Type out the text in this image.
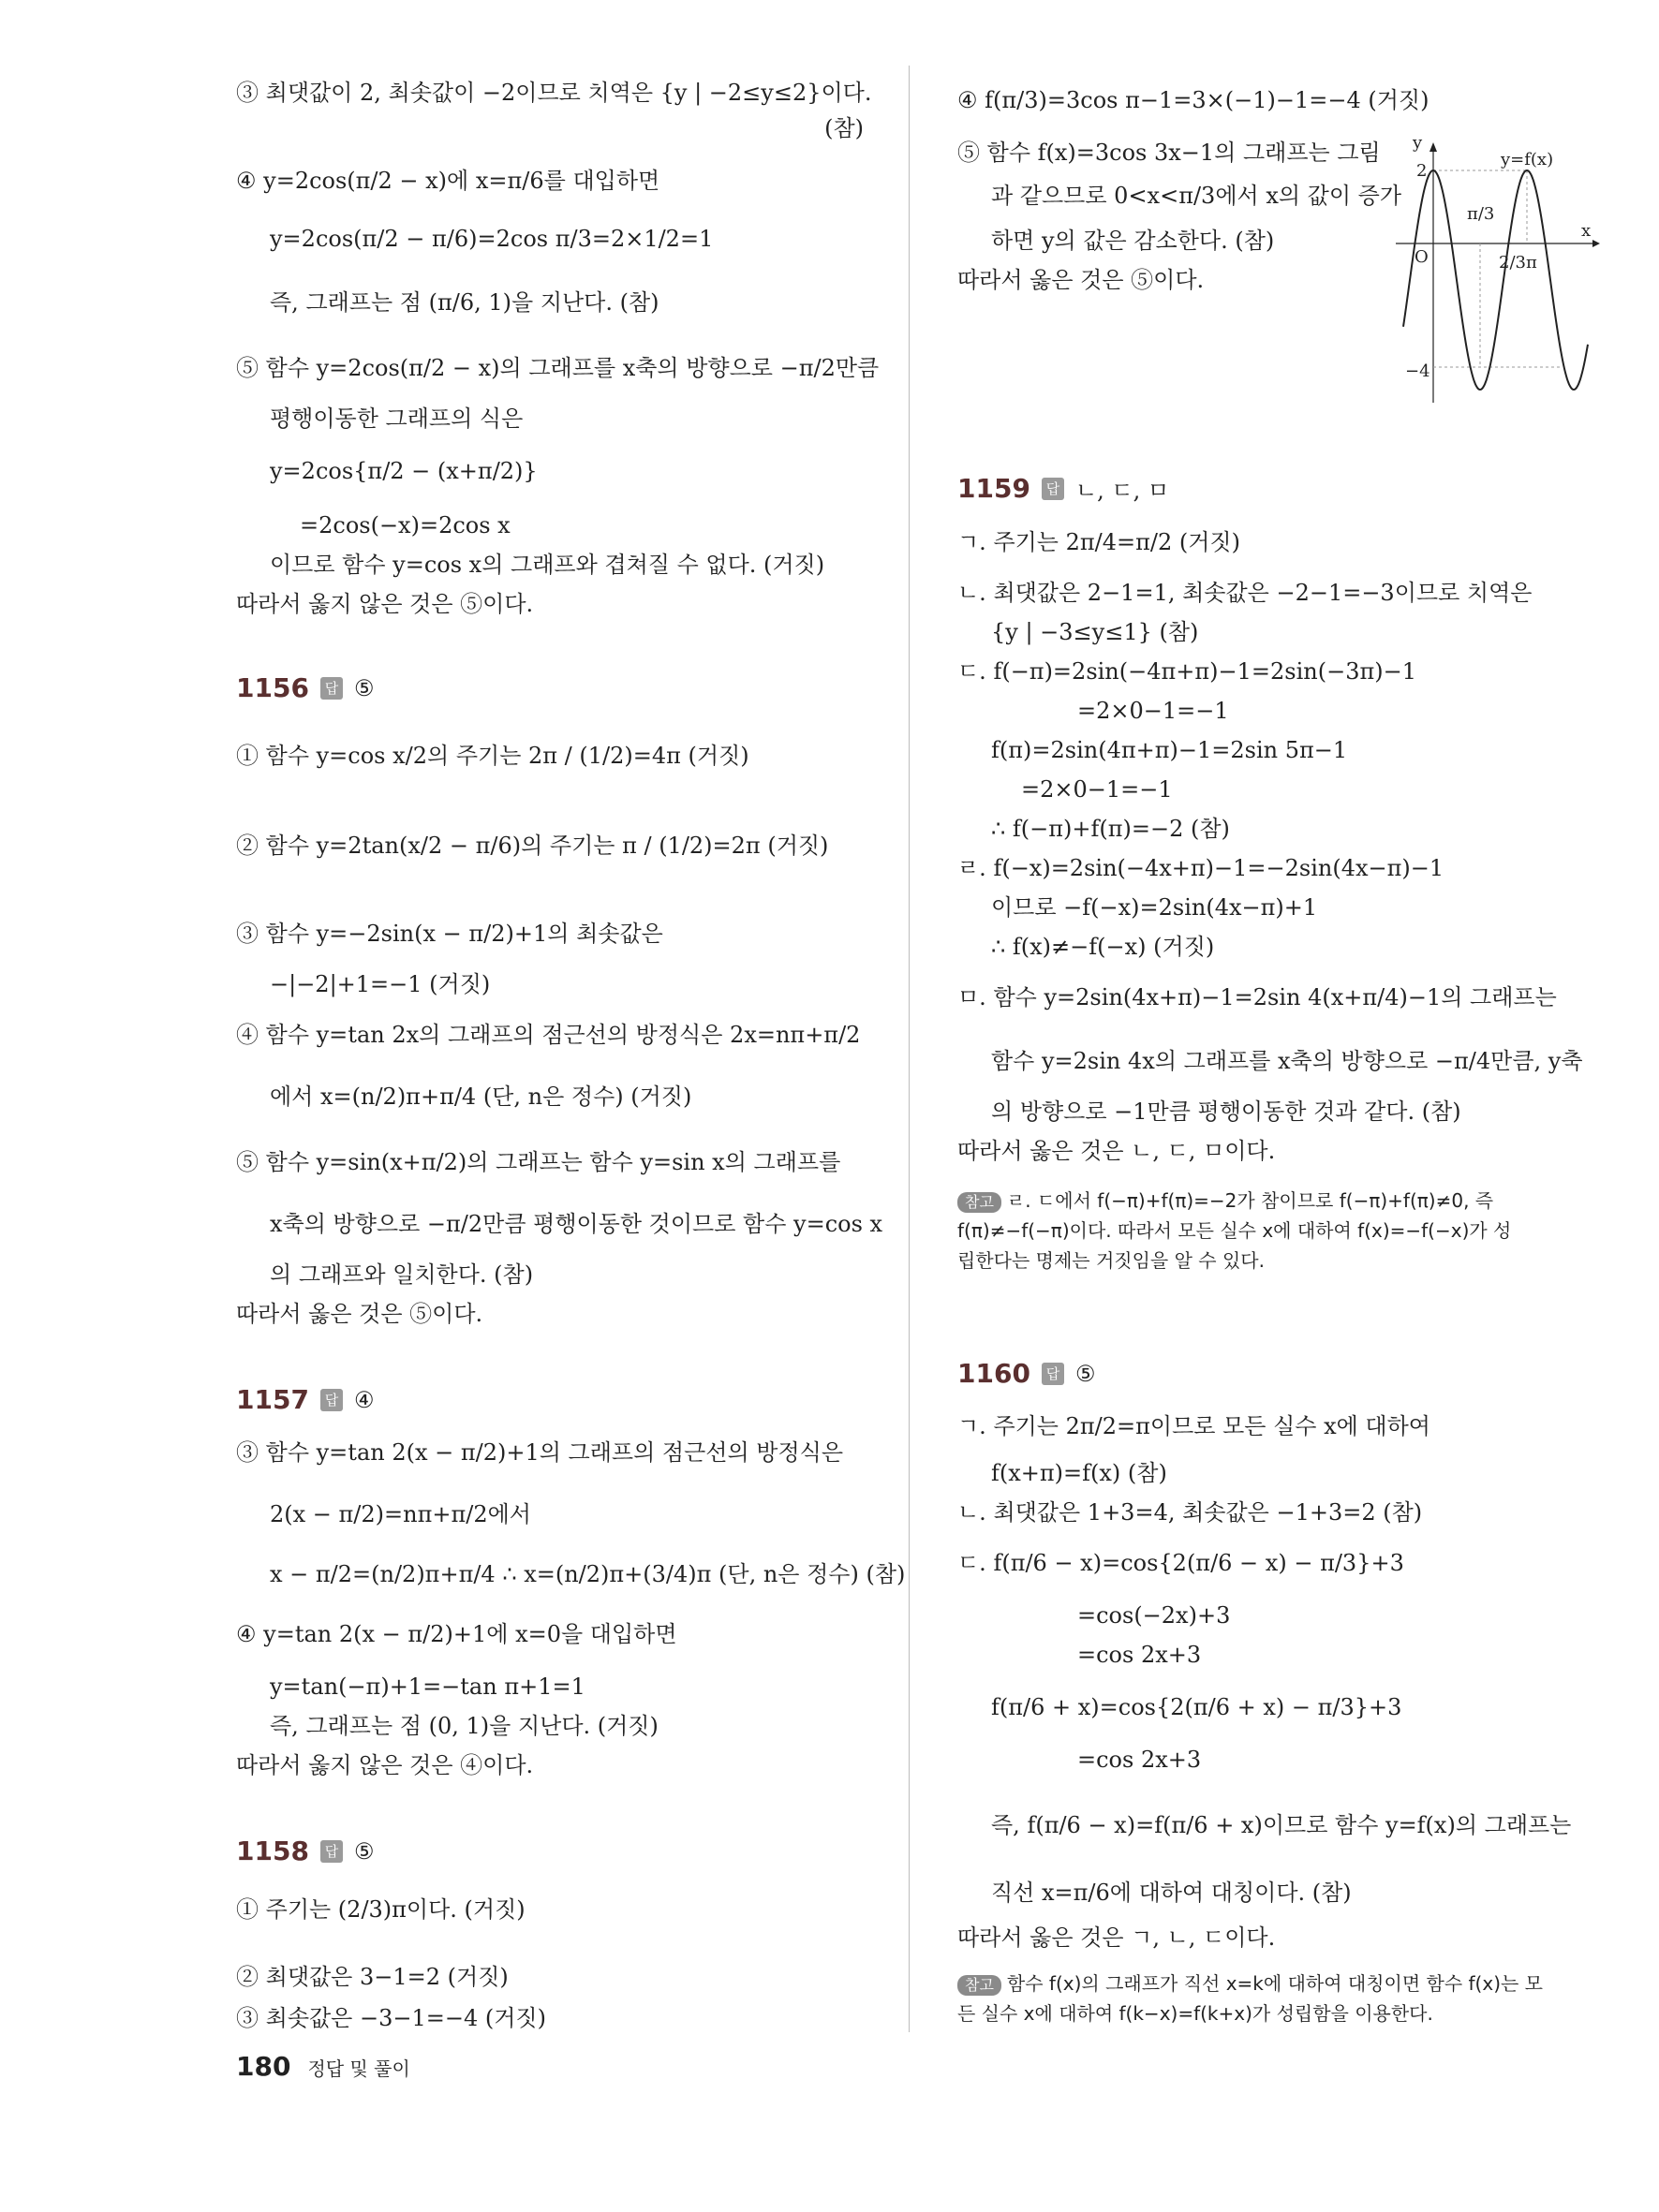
③ 최댓값이 2, 최솟값이 −2이므로 치역은 {y | −2≤y≤2}이다.
(참)
④ y=2cos(π/2 − x)에 x=π/6를 대입하면
y=2cos(π/2 − π/6)=2cos π/3=2×1/2=1
즉, 그래프는 점 (π/6, 1)을 지난다. (참)
⑤ 함수 y=2cos(π/2 − x)의 그래프를 x축의 방향으로 −π/2만큼
평행이동한 그래프의 식은
y=2cos{π/2 − (x+π/2)}
=2cos(−x)=2cos x
이므로 함수 y=cos x의 그래프와 겹쳐질 수 없다. (거짓)
따라서 옳지 않은 것은 ⑤이다.
1156	답 ⑤
① 함수 y=cos x/2의 주기는 2π / (1/2)=4π (거짓)
② 함수 y=2tan(x/2 − π/6)의 주기는 π / (1/2)=2π (거짓)
③ 함수 y=−2sin(x − π/2)+1의 최솟값은
−|−2|+1=−1 (거짓)
④ 함수 y=tan 2x의 그래프의 점근선의 방정식은 2x=nπ+π/2
에서 x=(n/2)π+π/4 (단, n은 정수) (거짓)
⑤ 함수 y=sin(x+π/2)의 그래프는 함수 y=sin x의 그래프를
x축의 방향으로 −π/2만큼 평행이동한 것이므로 함수 y=cos x
의 그래프와 일치한다. (참)
따라서 옳은 것은 ⑤이다.
1157	답 ④
③ 함수 y=tan 2(x − π/2)+1의 그래프의 점근선의 방정식은
2(x − π/2)=nπ+π/2에서
x − π/2=(n/2)π+π/4 ∴ x=(n/2)π+(3/4)π (단, n은 정수) (참)
④ y=tan 2(x − π/2)+1에 x=0을 대입하면
y=tan(−π)+1=−tan π+1=1
즉, 그래프는 점 (0, 1)을 지난다. (거짓)
따라서 옳지 않은 것은 ④이다.
1158	답 ⑤
① 주기는 (2/3)π이다. (거짓)
② 최댓값은 3−1=2 (거짓)
③ 최솟값은 −3−1=−4 (거짓)
④ f(π/3)=3cos π−1=3×(−1)−1=−4 (거짓)
⑤ 함수 f(x)=3cos 3x−1의 그래프는 그림
과 같으므로 0<x<π/3에서 x의 값이 증가
하면 y의 값은 감소한다. (참)
따라서 옳은 것은 ⑤이다.
1159	답 ㄴ, ㄷ, ㅁ
ㄱ. 주기는 2π/4=π/2 (거짓)
ㄴ. 최댓값은 2−1=1, 최솟값은 −2−1=−3이므로 치역은
{y | −3≤y≤1} (참)
ㄷ. f(−π)=2sin(−4π+π)−1=2sin(−3π)−1
=2×0−1=−1
f(π)=2sin(4π+π)−1=2sin 5π−1
=2×0−1=−1
∴ f(−π)+f(π)=−2 (참)
ㄹ. f(−x)=2sin(−4x+π)−1=−2sin(4x−π)−1
이므로 −f(−x)=2sin(4x−π)+1
∴ f(x)≠−f(−x) (거짓)
ㅁ. 함수 y=2sin(4x+π)−1=2sin 4(x+π/4)−1의 그래프는
함수 y=2sin 4x의 그래프를 x축의 방향으로 −π/4만큼, y축
의 방향으로 −1만큼 평행이동한 것과 같다. (참)
따라서 옳은 것은 ㄴ, ㄷ, ㅁ이다.
참고 ㄹ. ㄷ에서 f(−π)+f(π)=−2가 참이므로 f(−π)+f(π)≠0, 즉
f(π)≠−f(−π)이다. 따라서 모든 실수 x에 대하여 f(x)=−f(−x)가 성
립한다는 명제는 거짓임을 알 수 있다.
1160	답 ⑤
ㄱ. 주기는 2π/2=π이므로 모든 실수 x에 대하여
f(x+π)=f(x) (참)
ㄴ. 최댓값은 1+3=4, 최솟값은 −1+3=2 (참)
ㄷ. f(π/6 − x)=cos{2(π/6 − x) − π/3}+3
=cos(−2x)+3
=cos 2x+3
f(π/6 + x)=cos{2(π/6 + x) − π/3}+3
=cos 2x+3
즉, f(π/6 − x)=f(π/6 + x)이므로 함수 y=f(x)의 그래프는
직선 x=π/6에 대하여 대칭이다. (참)
따라서 옳은 것은 ㄱ, ㄴ, ㄷ이다.
참고 함수 f(x)의 그래프가 직선 x=k에 대하여 대칭이면 함수 f(x)는 모
든 실수 x에 대하여 f(k−x)=f(k+x)가 성립함을 이용한다.
y
x
y=f(x)
O
2
−4
π/3
2/3π
180 정답 및 풀이
